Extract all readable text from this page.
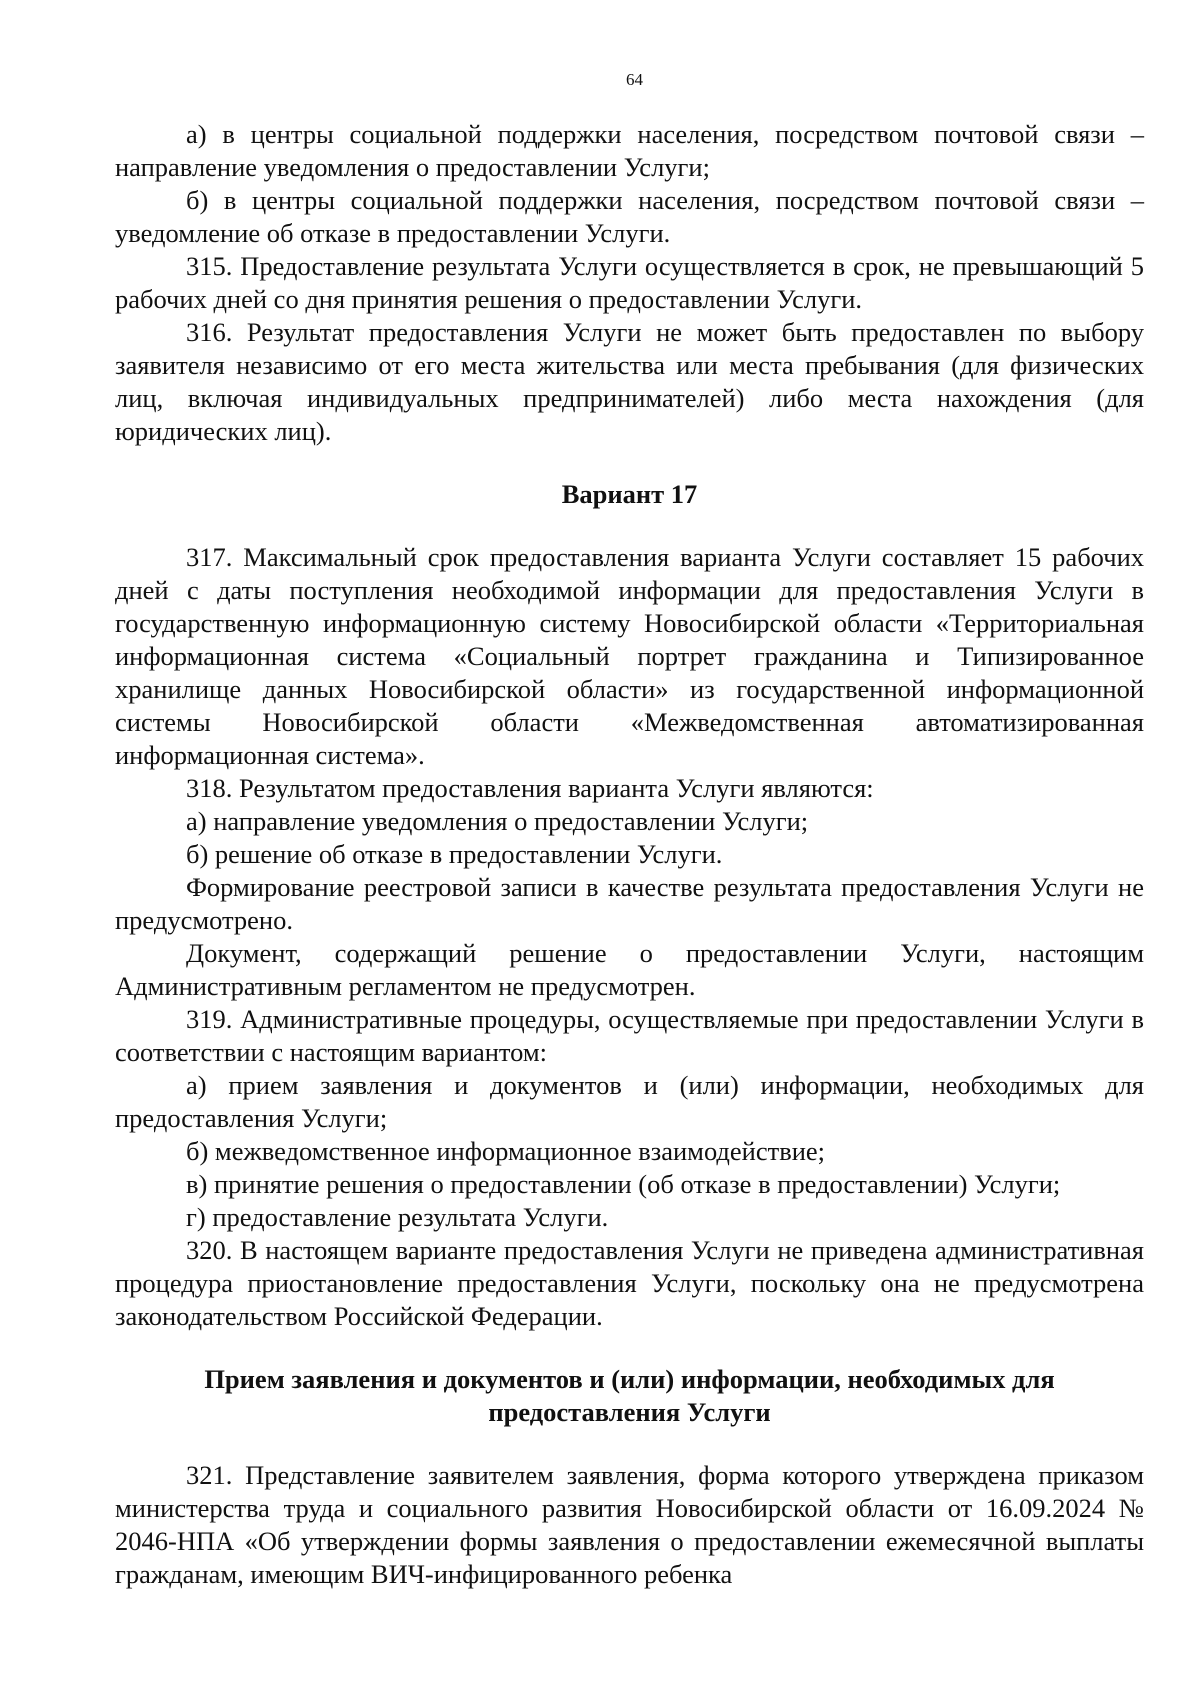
64

а) в центры социальной поддержки населения, посредством почтовой связи – направление уведомления о предоставлении Услуги;

б) в центры социальной поддержки населения, посредством почтовой связи – уведомление об отказе в предоставлении Услуги.

315. Предоставление результата Услуги осуществляется в срок, не превышающий 5 рабочих дней со дня принятия решения о предоставлении Услуги.

316. Результат предоставления Услуги не может быть предоставлен по выбору заявителя независимо от его места жительства или места пребывания (для физических лиц, включая индивидуальных предпринимателей) либо места нахождения (для юридических лиц).

Вариант 17

317. Максимальный срок предоставления варианта Услуги составляет 15 рабочих дней с даты поступления необходимой информации для предоставления Услуги в государственную информационную систему Новосибирской области «Территориальная информационная система «Социальный портрет гражданина и Типизированное хранилище данных Новосибирской области» из государственной информационной системы Новосибирской области «Межведомственная автоматизированная информационная система».

318. Результатом предоставления варианта Услуги являются:

а) направление уведомления о предоставлении Услуги;

б) решение об отказе в предоставлении Услуги.

Формирование реестровой записи в качестве результата предоставления Услуги не предусмотрено.

Документ, содержащий решение о предоставлении Услуги, настоящим Административным регламентом не предусмотрен.

319. Административные процедуры, осуществляемые при предоставлении Услуги в соответствии с настоящим вариантом:

а) прием заявления и документов и (или) информации, необходимых для предоставления Услуги;

б) межведомственное информационное взаимодействие;

в) принятие решения о предоставлении (об отказе в предоставлении) Услуги;

г) предоставление результата Услуги.

320. В настоящем варианте предоставления Услуги не приведена административная процедура приостановление предоставления Услуги, поскольку она не предусмотрена законодательством Российской Федерации.

Прием заявления и документов и (или) информации, необходимых для
предоставления Услуги

321. Представление заявителем заявления, форма которого утверждена приказом министерства труда и социального развития Новосибирской области от 16.09.2024 № 2046-НПА «Об утверждении формы заявления о предоставлении ежемесячной выплаты гражданам, имеющим ВИЧ-инфицированного ребенка
